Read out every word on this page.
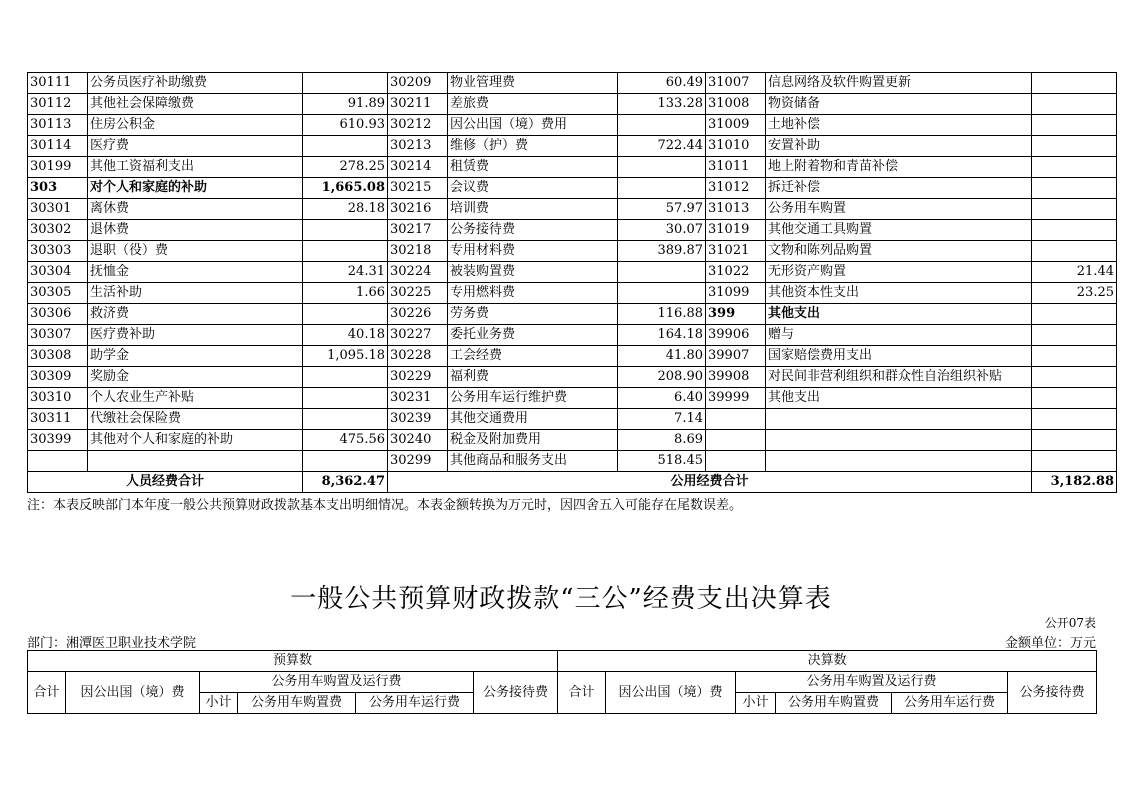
30111	公务员医疗补助缴费		30209	物业管理费	60.49	31007	信息网络及软件购置更新	
30112	其他社会保障缴费	91.89	30211	差旅费	133.28	31008	物资储备	
30113	住房公积金	610.93	30212	因公出国（境）费用		31009	土地补偿	
30114	医疗费		30213	维修（护）费	722.44	31010	安置补助	
30199	其他工资福利支出	278.25	30214	租赁费		31011	地上附着物和青苗补偿	
303	对个人和家庭的补助	1,665.08	30215	会议费		31012	拆迁补偿	
30301	离休费	28.18	30216	培训费	57.97	31013	公务用车购置	
30302	退休费		30217	公务接待费	30.07	31019	其他交通工具购置	
30303	退职（役）费		30218	专用材料费	389.87	31021	文物和陈列品购置	
30304	抚恤金	24.31	30224	被装购置费		31022	无形资产购置	21.44
30305	生活补助	1.66	30225	专用燃料费		31099	其他资本性支出	23.25
30306	救济费		30226	劳务费	116.88	399	其他支出	
30307	医疗费补助	40.18	30227	委托业务费	164.18	39906	赠与	
30308	助学金	1,095.18	30228	工会经费	41.80	39907	国家赔偿费用支出	
30309	奖励金		30229	福利费	208.90	39908	对民间非营利组织和群众性自治组织补贴	
30310	个人农业生产补贴		30231	公务用车运行维护费	6.40	39999	其他支出	
30311	代缴社会保险费		30239	其他交通费用	7.14			
30399	其他对个人和家庭的补助	475.56	30240	税金及附加费用	8.69			
			30299	其他商品和服务支出	518.45			
人员经费合计		8,362.47	公用经费合计					3,182.88
注：本表反映部门本年度一般公共预算财政拨款基本支出明细情况。本表金额转换为万元时，因四舍五入可能存在尾数误差。
一般公共预算财政拨款“三公”经费支出决算表
公开07表
部门：湘潭医卫职业技术学院	金额单位：万元
预算数						决算数					
合计	因公出国（境）费	公务用车购置及运行费			公务接待费	合计	因公出国（境）费	公务用车购置及运行费			公务接待费
		小计	公务用车购置费	公务用车运行费				小计	公务用车购置费	公务用车运行费	
